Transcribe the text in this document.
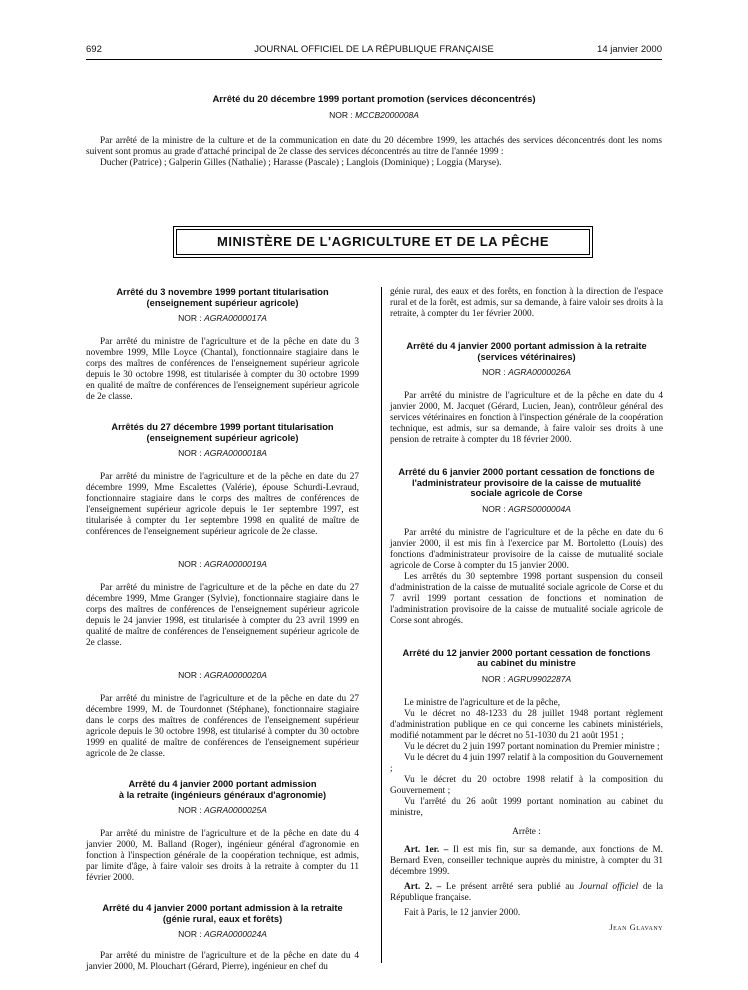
692	JOURNAL OFFICIEL DE LA RÉPUBLIQUE FRANÇAISE	14 janvier 2000
Arrêté du 20 décembre 1999 portant promotion (services déconcentrés)
NOR : MCCB2000008A

Par arrêté de la ministre de la culture et de la communication en date du 20 décembre 1999, les attachés des services déconcentrés dont les noms suivent sont promus au grade d'attaché principal de 2e classe des services déconcentrés au titre de l'année 1999 :

Ducher (Patrice) ; Galperin Gilles (Nathalie) ; Harasse (Pascale) ; Langlois (Dominique) ; Loggia (Maryse).

MINISTÈRE DE L'AGRICULTURE ET DE LA PÊCHE

Arrêté du 3 novembre 1999 portant titularisation
(enseignement supérieur agricole)

NOR : AGRA0000017A

Par arrêté du ministre de l'agriculture et de la pêche en date du 3 novembre 1999, Mlle Loyce (Chantal), fonctionnaire stagiaire dans le corps des maîtres de conférences de l'enseignement supérieur agricole depuis le 30 octobre 1998, est titularisée à compter du 30 octobre 1999 en qualité de maître de conférences de l'enseignement supérieur agricole de 2e classe.

Arrêtés du 27 décembre 1999 portant titularisation
(enseignement supérieur agricole)

NOR : AGRA0000018A

Par arrêté du ministre de l'agriculture et de la pêche en date du 27 décembre 1999, Mme Escalettes (Valérie), épouse Schurdi-Levraud, fonctionnaire stagiaire dans le corps des maîtres de conférences de l'enseignement supérieur agricole depuis le 1er septembre 1997, est titularisée à compter du 1er septembre 1998 en qualité de maître de conférences de l'enseignement supérieur agricole de 2e classe.

NOR : AGRA0000019A

Par arrêté du ministre de l'agriculture et de la pêche en date du 27 décembre 1999, Mme Granger (Sylvie), fonctionnaire stagiaire dans le corps des maîtres de conférences de l'enseignement supérieur agricole depuis le 24 janvier 1998, est titularisée à compter du 23 avril 1999 en qualité de maître de conférences de l'enseignement supérieur agricole de 2e classe.

NOR : AGRA0000020A

Par arrêté du ministre de l'agriculture et de la pêche en date du 27 décembre 1999, M. de Tourdonnet (Stéphane), fonctionnaire stagiaire dans le corps des maîtres de conférences de l'enseignement supérieur agricole depuis le 30 octobre 1998, est titularisé à compter du 30 octobre 1999 en qualité de maître de conférences de l'enseignement supérieur agricole de 2e classe.

Arrêté du 4 janvier 2000 portant admission
à la retraite (ingénieurs généraux d'agronomie)

NOR : AGRA0000025A

Par arrêté du ministre de l'agriculture et de la pêche en date du 4 janvier 2000, M. Balland (Roger), ingénieur général d'agronomie en fonction à l'inspection générale de la coopération technique, est admis, par limite d'âge, à faire valoir ses droits à la retraite à compter du 11 février 2000.

Arrêté du 4 janvier 2000 portant admission à la retraite
(génie rural, eaux et forêts)

NOR : AGRA0000024A

Par arrêté du ministre de l'agriculture et de la pêche en date du 4 janvier 2000, M. Plouchart (Gérard, Pierre), ingénieur en chef du

génie rural, des eaux et des forêts, en fonction à la direction de l'espace rural et de la forêt, est admis, sur sa demande, à faire valoir ses droits à la retraite, à compter du 1er février 2000.

Arrêté du 4 janvier 2000 portant admission à la retraite
(services vétérinaires)

NOR : AGRA0000026A

Par arrêté du ministre de l'agriculture et de la pêche en date du 4 janvier 2000, M. Jacquet (Gérard, Lucien, Jean), contrôleur général des services vétérinaires en fonction à l'inspection générale de la coopération technique, est admis, sur sa demande, à faire valoir ses droits à une pension de retraite à compter du 18 février 2000.

Arrêté du 6 janvier 2000 portant cessation de fonctions de
l'administrateur provisoire de la caisse de mutualité
sociale agricole de Corse

NOR : AGRS0000004A

Par arrêté du ministre de l'agriculture et de la pêche en date du 6 janvier 2000, il est mis fin à l'exercice par M. Bortoletto (Louis) des fonctions d'administrateur provisoire de la caisse de mutualité sociale agricole de Corse à compter du 15 janvier 2000.

Les arrêtés du 30 septembre 1998 portant suspension du conseil d'administration de la caisse de mutualité sociale agricole de Corse et du 7 avril 1999 portant cessation de fonctions et nomination de l'administration provisoire de la caisse de mutualité sociale agricole de Corse sont abrogés.

Arrêté du 12 janvier 2000 portant cessation de fonctions
au cabinet du ministre

NOR : AGRU9902287A

Le ministre de l'agriculture et de la pêche,

Vu le décret no 48-1233 du 28 juillet 1948 portant règlement d'administration publique en ce qui concerne les cabinets ministériels, modifié notamment par le décret no 51-1030 du 21 août 1951 ;

Vu le décret du 2 juin 1997 portant nomination du Premier ministre ;

Vu le décret du 4 juin 1997 relatif à la composition du Gouvernement ;

Vu le décret du 20 octobre 1998 relatif à la composition du Gouvernement ;

Vu l'arrêté du 26 août 1999 portant nomination au cabinet du ministre,

Arrête :

Art. 1er. – Il est mis fin, sur sa demande, aux fonctions de M. Bernard Even, conseiller technique auprès du ministre, à compter du 31 décembre 1999.

Art. 2. – Le présent arrêté sera publié au Journal officiel de la République française.

Fait à Paris, le 12 janvier 2000.

Jean Glavany
